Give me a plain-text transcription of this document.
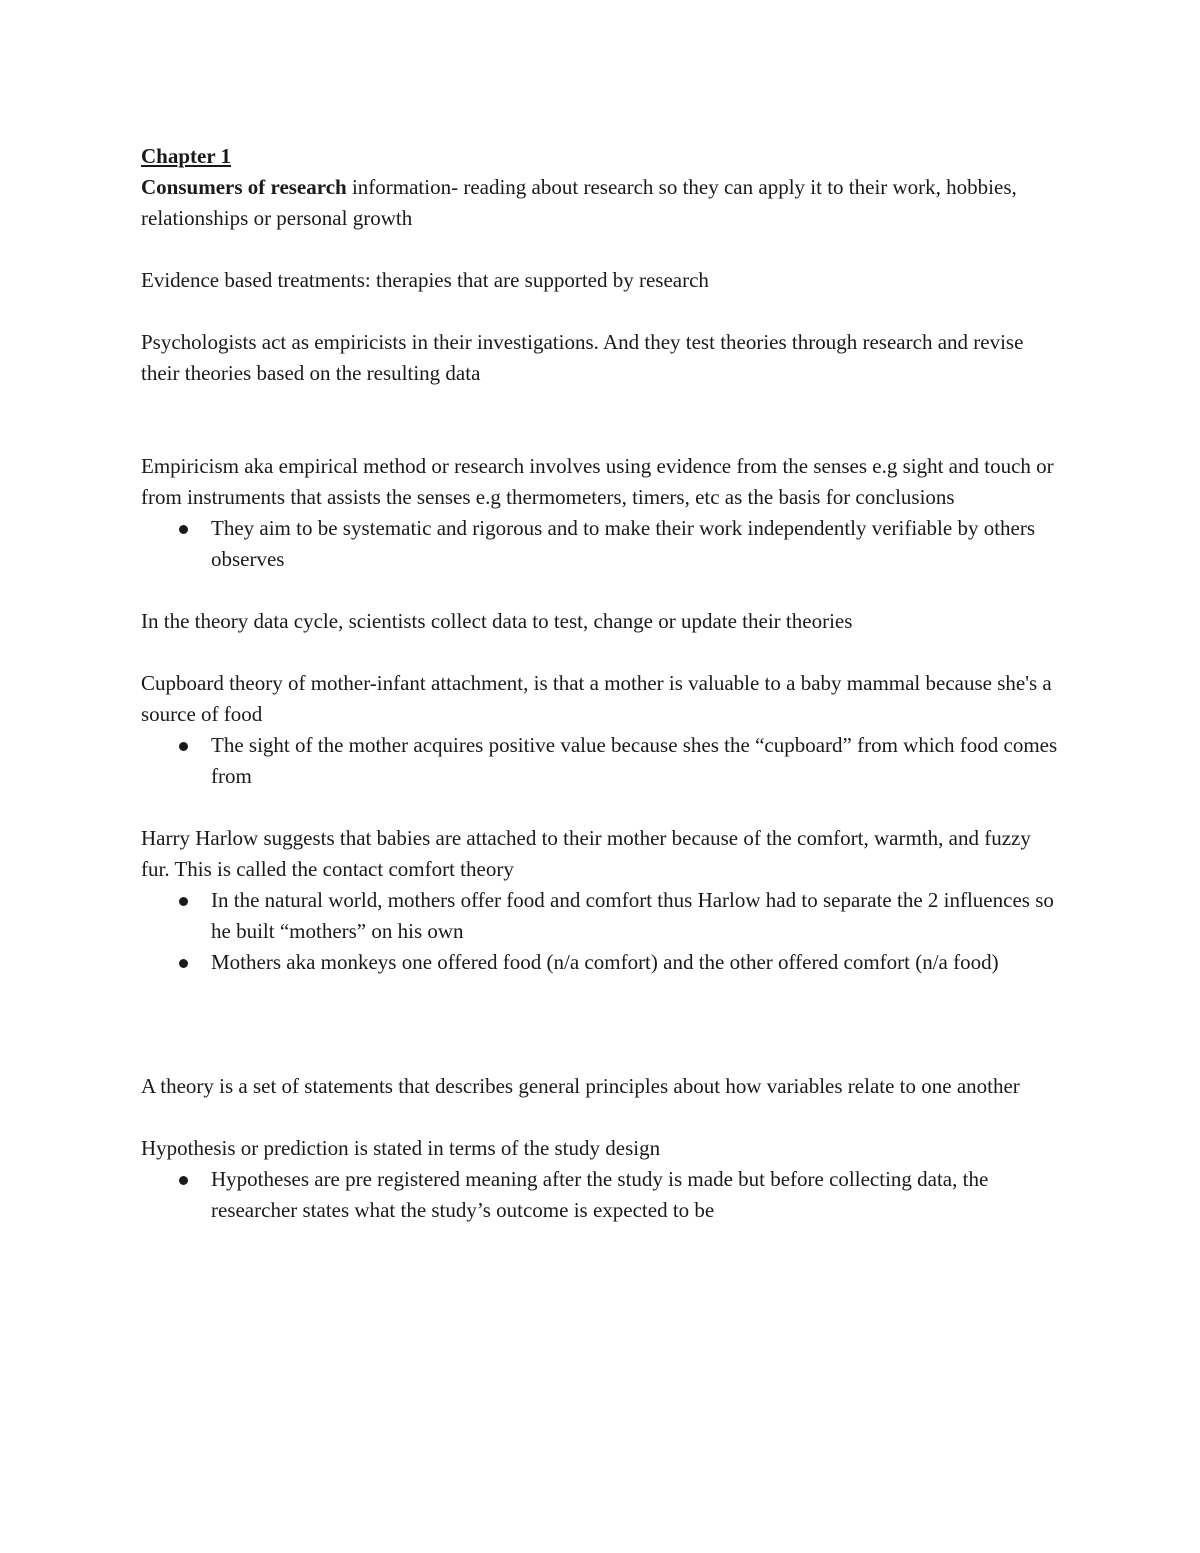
Chapter 1

Consumers of research information- reading about research so they can apply it to their work, hobbies, relationships or personal growth

Evidence based treatments: therapies that are supported by research

Psychologists act as empiricists in their investigations. And they test theories through research and revise their theories based on the resulting data

Empiricism aka empirical method or research involves using evidence from the senses e.g sight and touch or from instruments that assists the senses e.g thermometers, timers, etc as the basis for conclusions

They aim to be systematic and rigorous and to make their work independently verifiable by others observes

In the theory data cycle, scientists collect data to test, change or update their theories

Cupboard theory of mother-infant attachment, is that a mother is valuable to a baby mammal because she's a source of food

The sight of the mother acquires positive value because shes the “cupboard” from which food comes from

Harry Harlow suggests that babies are attached to their mother because of the comfort, warmth, and fuzzy fur. This is called the contact comfort theory

In the natural world, mothers offer food and comfort thus Harlow had to separate the 2 influences so he built “mothers” on his own
Mothers aka monkeys one offered food (n/a comfort) and the other offered comfort (n/a food)

A theory is a set of statements that describes general principles about how variables relate to one another

Hypothesis or prediction is stated in terms of the study design

Hypotheses are pre registered meaning after the study is made but before collecting data, the researcher states what the study’s outcome is expected to be
